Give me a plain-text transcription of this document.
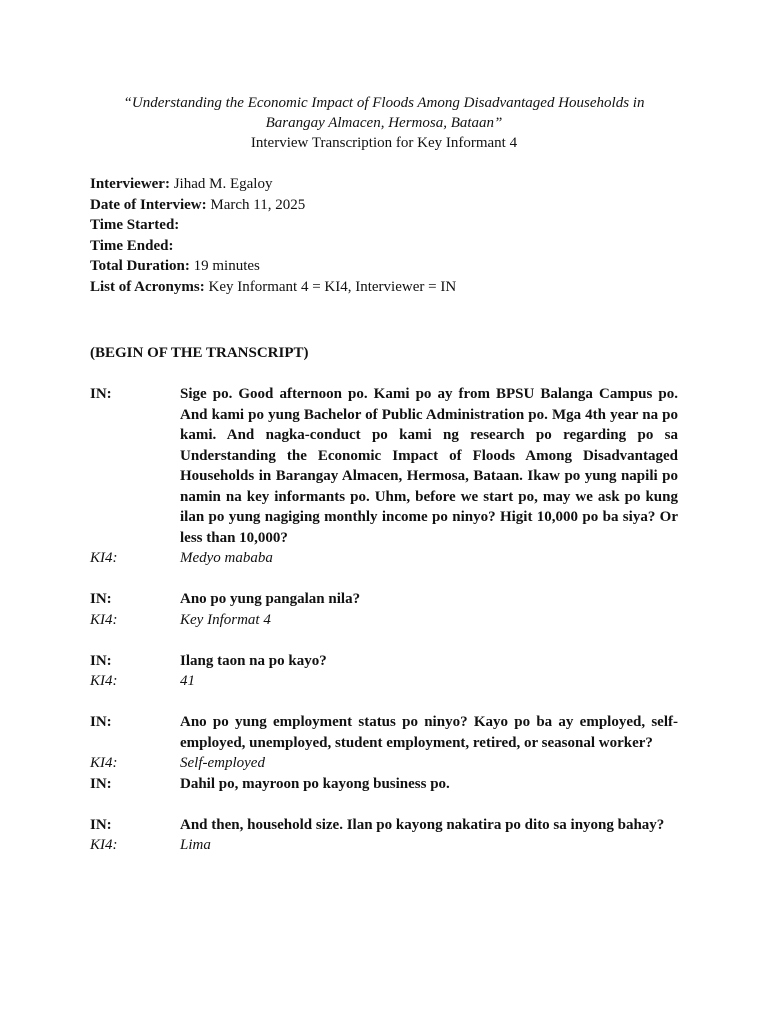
“Understanding the Economic Impact of Floods Among Disadvantaged Households in
Barangay Almacen, Hermosa, Bataan”
Interview Transcription for Key Informant 4
Interviewer: Jihad M. Egaloy
Date of Interview: March 11, 2025
Time Started:
Time Ended:
Total Duration: 19 minutes
List of Acronyms: Key Informant 4 = KI4, Interviewer = IN
(BEGIN OF THE TRANSCRIPT)
IN:	Sige po. Good afternoon po. Kami po ay from BPSU Balanga Campus po. And kami po yung Bachelor of Public Administration po. Mga 4th year na po kami. And nagka-conduct po kami ng research po regarding po sa Understanding the Economic Impact of Floods Among Disadvantaged Households in Barangay Almacen, Hermosa, Bataan. Ikaw po yung napili po namin na key informants po. Uhm, before we start po, may we ask po kung ilan po yung nagiging monthly income po ninyo? Higit 10,000 po ba siya? Or less than 10,000?
KI4:	Medyo mababa
IN:	Ano po yung pangalan nila?
KI4:	Key Informat 4
IN:	Ilang taon na po kayo?
KI4:	41
IN:	Ano po yung employment status po ninyo? Kayo po ba ay employed, self-employed, unemployed, student employment, retired, or seasonal worker?
KI4:	Self-employed
IN:	Dahil po, mayroon po kayong business po.
IN:	And then, household size. Ilan po kayong nakatira po dito sa inyong bahay?
KI4:	Lima
